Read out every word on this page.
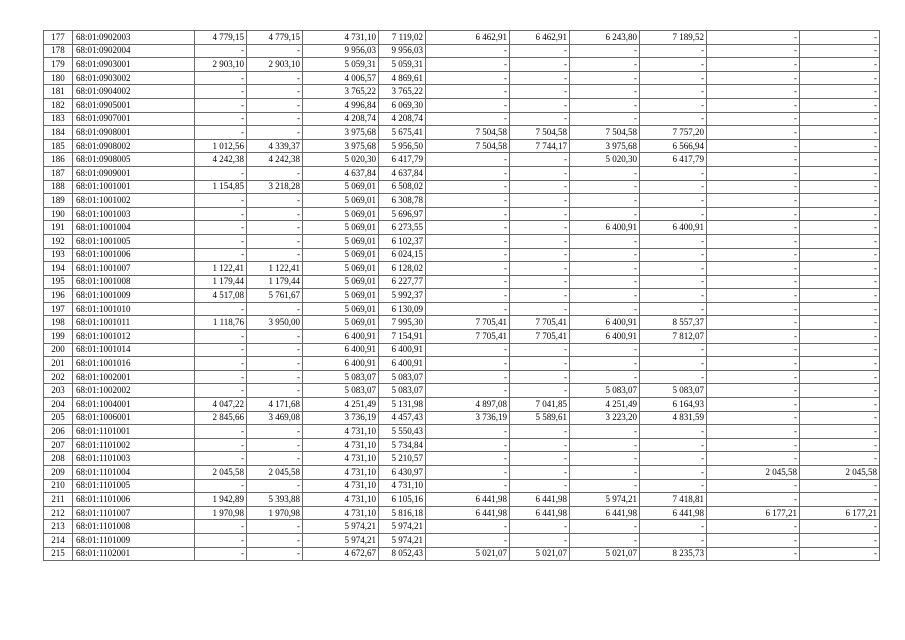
177	68:01:0902003	4 779,15	4 779,15	4 731,10	7 119,02	6 462,91	6 462,91	6 243,80	7 189,52	-	-
178	68:01:0902004	-	-	9 956,03	9 956,03	-	-	-	-	-	-
179	68:01:0903001	2 903,10	2 903,10	5 059,31	5 059,31	-	-	-	-	-	-
180	68:01:0903002	-	-	4 006,57	4 869,61	-	-	-	-	-	-
181	68:01:0904002	-	-	3 765,22	3 765,22	-	-	-	-	-	-
182	68:01:0905001	-	-	4 996,84	6 069,30	-	-	-	-	-	-
183	68:01:0907001	-	-	4 208,74	4 208,74	-	-	-	-	-	-
184	68:01:0908001	-	-	3 975,68	5 675,41	7 504,58	7 504,58	7 504,58	7 757,20	-	-
185	68:01:0908002	1 012,56	4 339,37	3 975,68	5 956,50	7 504,58	7 744,17	3 975,68	6 566,94	-	-
186	68:01:0908005	4 242,38	4 242,38	5 020,30	6 417,79	-	-	5 020,30	6 417,79	-	-
187	68:01:0909001	-	-	4 637,84	4 637,84	-	-	-	-	-	-
188	68:01:1001001	1 154,85	3 218,28	5 069,01	6 508,02	-	-	-	-	-	-
189	68:01:1001002	-	-	5 069,01	6 308,78	-	-	-	-	-	-
190	68:01:1001003	-	-	5 069,01	5 696,97	-	-	-	-	-	-
191	68:01:1001004	-	-	5 069,01	6 273,55	-	-	6 400,91	6 400,91	-	-
192	68:01:1001005	-	-	5 069,01	6 102,37	-	-	-	-	-	-
193	68:01:1001006	-	-	5 069,01	6 024,15	-	-	-	-	-	-
194	68:01:1001007	1 122,41	1 122,41	5 069,01	6 128,02	-	-	-	-	-	-
195	68:01:1001008	1 179,44	1 179,44	5 069,01	6 227,77	-	-	-	-	-	-
196	68:01:1001009	4 517,08	5 761,67	5 069,01	5 992,37	-	-	-	-	-	-
197	68:01:1001010	-	-	5 069,01	6 130,09	-	-	-	-	-	-
198	68:01:1001011	1 118,76	3 950,00	5 069,01	7 995,30	7 705,41	7 705,41	6 400,91	8 557,37	-	-
199	68:01:1001012	-	-	6 400,91	7 154,91	7 705,41	7 705,41	6 400,91	7 812,07	-	-
200	68:01:1001014	-	-	6 400,91	6 400,91	-	-	-	-	-	-
201	68:01:1001016	-	-	6 400,91	6 400,91	-	-	-	-	-	-
202	68:01:1002001	-	-	5 083,07	5 083,07	-	-	-	-	-	-
203	68:01:1002002	-	-	5 083,07	5 083,07	-	-	5 083,07	5 083,07	-	-
204	68:01:1004001	4 047,22	4 171,68	4 251,49	5 131,98	4 897,08	7 041,85	4 251,49	6 164,93	-	-
205	68:01:1006001	2 845,66	3 469,08	3 736,19	4 457,43	3 736,19	5 589,61	3 223,20	4 831,59	-	-
206	68:01:1101001	-	-	4 731,10	5 550,43	-	-	-	-	-	-
207	68:01:1101002	-	-	4 731,10	5 734,84	-	-	-	-	-	-
208	68:01:1101003	-	-	4 731,10	5 210,57	-	-	-	-	-	-
209	68:01:1101004	2 045,58	2 045,58	4 731,10	6 430,97	-	-	-	-	2 045,58	2 045,58
210	68:01:1101005	-	-	4 731,10	4 731,10	-	-	-	-	-	-
211	68:01:1101006	1 942,89	5 393,88	4 731,10	6 105,16	6 441,98	6 441,98	5 974,21	7 418,81	-	-
212	68:01:1101007	1 970,98	1 970,98	4 731,10	5 816,18	6 441,98	6 441,98	6 441,98	6 441,98	6 177,21	6 177,21
213	68:01:1101008	-	-	5 974,21	5 974,21	-	-	-	-	-	-
214	68:01:1101009	-	-	5 974,21	5 974,21	-	-	-	-	-	-
215	68:01:1102001	-	-	4 672,67	8 052,43	5 021,07	5 021,07	5 021,07	8 235,73	-	-
